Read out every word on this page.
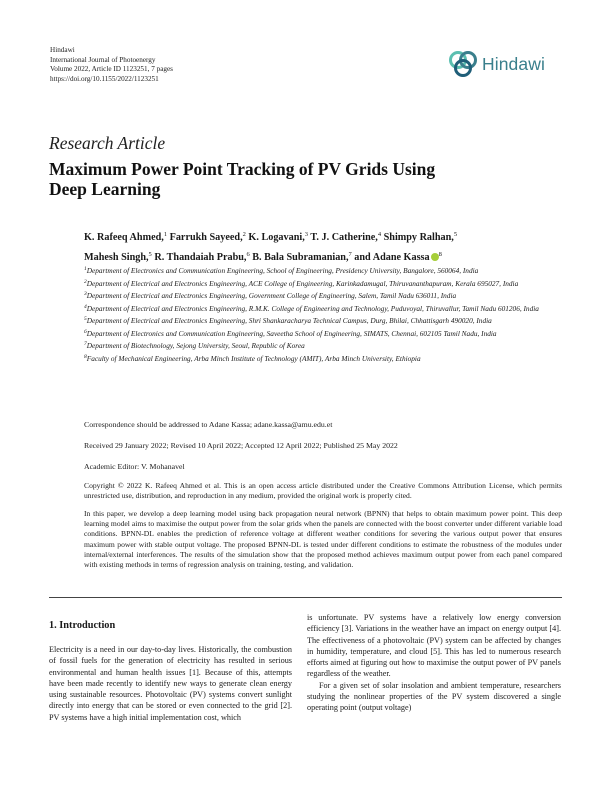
Hindawi
International Journal of Photoenergy
Volume 2022, Article ID 1123251, 7 pages
https://doi.org/10.1155/2022/1123251
Hindawi
Research Article
Maximum Power Point Tracking of PV Grids Using
Deep Learning
K. Rafeeq Ahmed,$^1$ Farrukh Sayeed,$^2$ K. Logavani,$^3$ T. J. Catherine,$^4$ Shimpy Ralhan,$^5$
Mahesh Singh,$^5$ R. Thandaiah Prabu,$^6$ B. Bala Subramanian,$^7$ and Adane Kassa $^8$
$^1$Department of Electronics and Communication Engineering, School of Engineering, Presidency University, Bangalore, 560064, India
$^2$Department of Electrical and Electronics Engineering, ACE College of Engineering, Karinkadamugal, Thiruvananthapuram, Kerala 695027, India
$^3$Department of Electrical and Electronics Engineering, Government College of Engineering, Salem, Tamil Nadu 636011, India
$^4$Department of Electrical and Electronics Engineering, R.M.K. College of Engineering and Technology, Puduvoyal, Thiruvallur, Tamil Nadu 601206, India
$^5$Department of Electrical and Electronics Engineering, Shri Shankaracharya Technical Campus, Durg, Bhilai, Chhattisgarh 490020, India
$^6$Department of Electronics and Communication Engineering, Saveetha School of Engineering, SIMATS, Chennai, 602105 Tamil Nadu, India
$^7$Department of Biotechnology, Sejong University, Seoul, Republic of Korea
$^8$Faculty of Mechanical Engineering, Arba Minch Institute of Technology (AMIT), Arba Minch University, Ethiopia
Correspondence should be addressed to Adane Kassa; adane.kassa@amu.edu.et
Received 29 January 2022; Revised 10 April 2022; Accepted 12 April 2022; Published 25 May 2022
Academic Editor: V. Mohanavel
Copyright © 2022 K. Rafeeq Ahmed et al. This is an open access article distributed under the Creative Commons Attribution License, which permits unrestricted use, distribution, and reproduction in any medium, provided the original work is properly cited.
In this paper, we develop a deep learning model using back propagation neural network (BPNN) that helps to obtain maximum power point. This deep learning model aims to maximise the output power from the solar grids when the panels are connected with the boost converter under different variable load conditions. BPNN-DL enables the prediction of reference voltage at different weather conditions for severing the various output power that ensures maximum power with stable output voltage. The proposed BPNN-DL is tested under different conditions to estimate the robustness of the modules under internal/external interferences. The results of the simulation show that the proposed method achieves maximum output power from each panel compared with existing methods in terms of regression analysis on training, testing, and validation.
1. Introduction

Electricity is a need in our day-to-day lives. Historically, the combustion of fossil fuels for the generation of electricity has resulted in serious environmental and human health issues [1]. Because of this, attempts have been made recently to identify new ways to generate clean energy using sustainable resources. Photovoltaic (PV) systems convert sunlight directly into energy that can be stored or even connected to the grid [2]. PV systems have a high initial implementation cost, which

is unfortunate. PV systems have a relatively low energy conversion efficiency [3]. Variations in the weather have an impact on energy output [4]. The effectiveness of a photovoltaic (PV) system can be affected by changes in humidity, temperature, and cloud [5]. This has led to numerous research efforts aimed at figuring out how to maximise the output power of PV panels regardless of the weather.

For a given set of solar insolation and ambient temperature, researchers studying the nonlinear properties of the PV system discovered a single operating point (output voltage)
